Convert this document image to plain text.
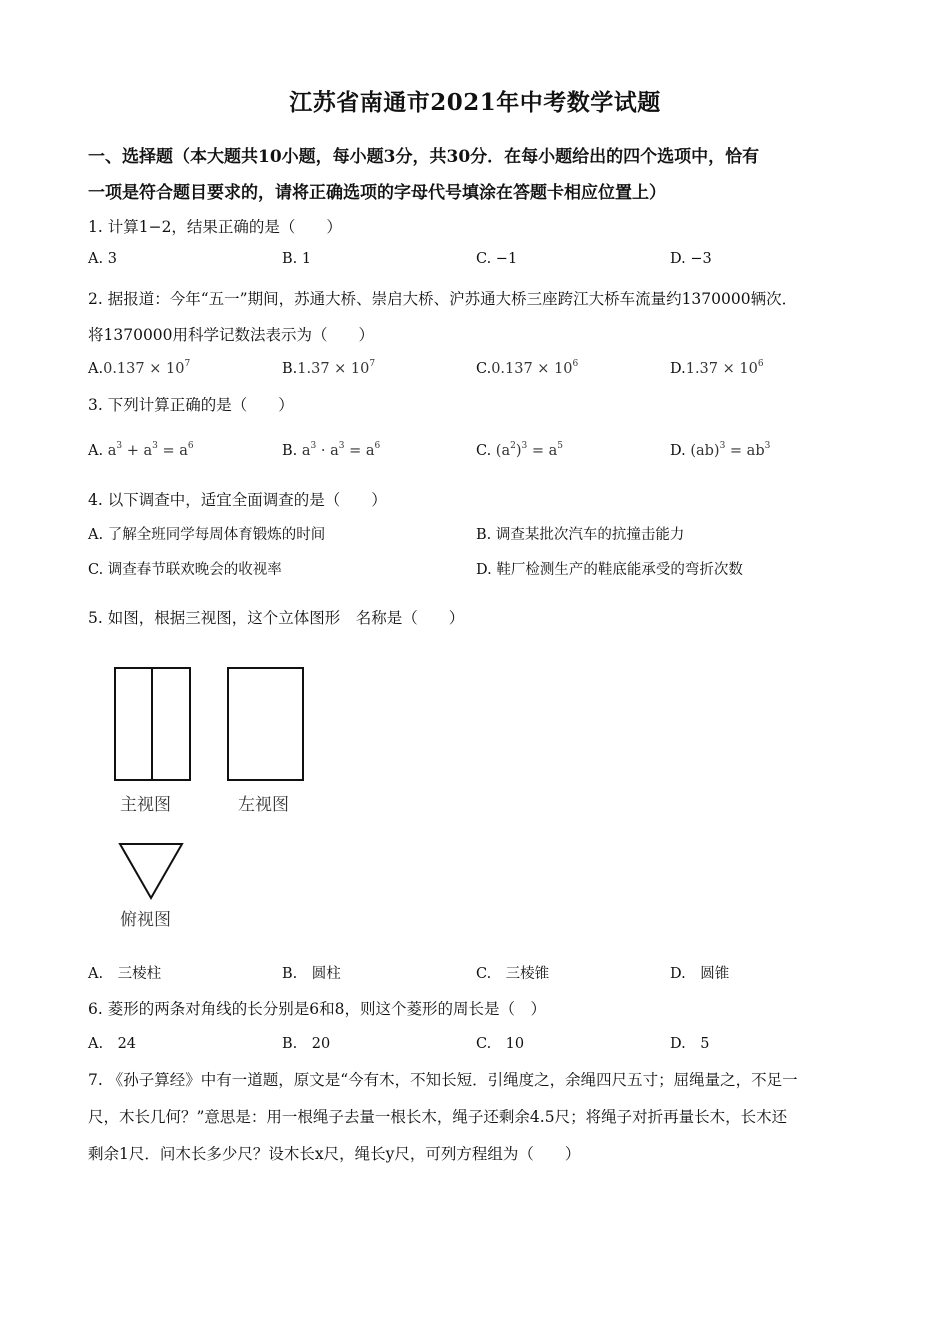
江苏省南通市2021年中考数学试题
一、选择题（本大题共10小题，每小题3分，共30分．在每小题给出的四个选项中，恰有
一项是符合题目要求的，请将正确选项的字母代号填涂在答题卡相应位置上）
1. 计算1−2，结果正确的是（　　）
A. 3	B. 1	C. −1	D. −3
2. 据报道：今年“五一”期间，苏通大桥、崇启大桥、沪苏通大桥三座跨江大桥车流量约1370000辆次．
将1370000用科学记数法表示为（　　）
$A.0.137 \times 10^7$	$B.1.37 \times 10^7$	$C.0.137 \times 10^6$	$D.1.37 \times 10^6$
3. 下列计算正确的是（　　）
A. $a^3 + a^3 = a^6$	B. $a^3 \cdot a^3 = a^6$	C. $(a^2)^3 = a^5$	D. $(ab)^3 = ab^3$
4. 以下调查中，适宜全面调查的是（　　）
A. 了解全班同学每周体育锻炼的时间	B. 调查某批次汽车的抗撞击能力
C. 调查春节联欢晚会的收视率	D. 鞋厂检测生产的鞋底能承受的弯折次数
5. 如图，根据三视图，这个立体图形　名称是（　　）
主视图	左视图
俯视图
A.　三棱柱	B.　圆柱	C.　三棱锥	D.　圆锥
6. 菱形的两条对角线的长分别是6和8，则这个菱形的周长是（　）
A.　24	B.　20	C.　10	D.　5
7. 《孙子算经》中有一道题，原文是“今有木，不知长短．引绳度之，余绳四尺五寸；屈绳量之，不足一
尺，木长几何？”意思是：用一根绳子去量一根长木，绳子还剩余4.5尺；将绳子对折再量长木，长木还
剩余1尺．问木长多少尺？设木长x尺，绳长y尺，可列方程组为（　　）
